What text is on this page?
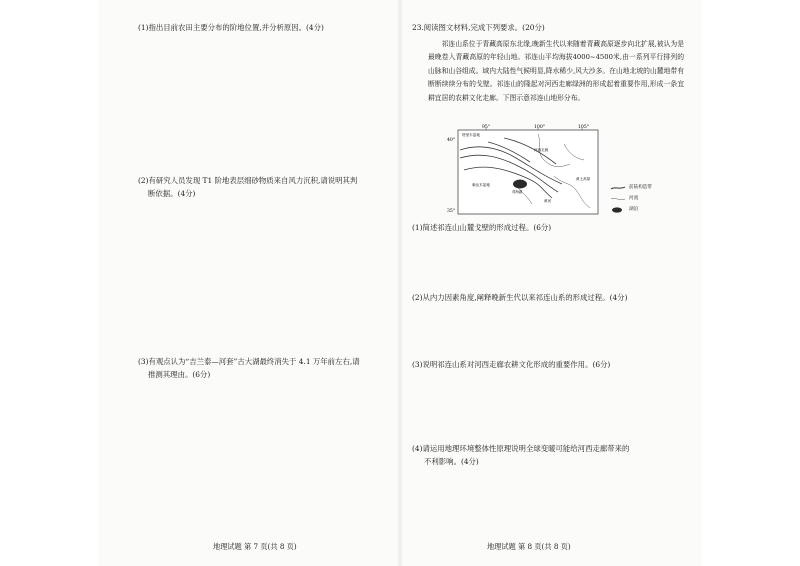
(1)指出目前农田主要分布的阶地位置,并分析原因。(4分)
(2)有研究人员发现 T1 阶地表层细砂物质来自风力沉积,请说明其判
断依据。(4分)
(3)有观点认为“吉兰泰—河套”古大湖最终消失于 4.1 万年前左右,请
推测其理由。(6分)
地理试题 第 7 页(共 8 页)
23.阅读图文材料,完成下列要求。(20分)
祁连山系位于青藏高原东北缘,晚新生代以来随着青藏高原逐步向北扩展,被认为是最晚卷入青藏高原的年轻山地。祁连山平均海拔4000~4500米,由一系列平行排列的山脉和山谷组成。域内大陆性气候明显,降水稀少,风大沙多。在山地北坡的山麓地带有断断续续分布的戈壁。祁连山的隆起对河西走廊绿洲的形成起着重要作用,形成一条宜耕宜居的农耕文化走廊。下图示意祁连山地形分布。
95°	100°	105°
40°
35°
塔里木盆地
河西走廊
柴达木盆地
青海湖
黄土高原
黄河
前陆构造带
河流
湖泊
(1)简述祁连山山麓戈壁的形成过程。(6分)
(2)从内力因素角度,阐释晚新生代以来祁连山系的形成过程。(4分)
(3)说明祁连山系对河西走廊农耕文化形成的重要作用。(6分)
(4)请运用地理环境整体性原理说明全球变暖可能给河西走廊带来的
不利影响。(4分)
地理试题 第 8 页(共 8 页)
